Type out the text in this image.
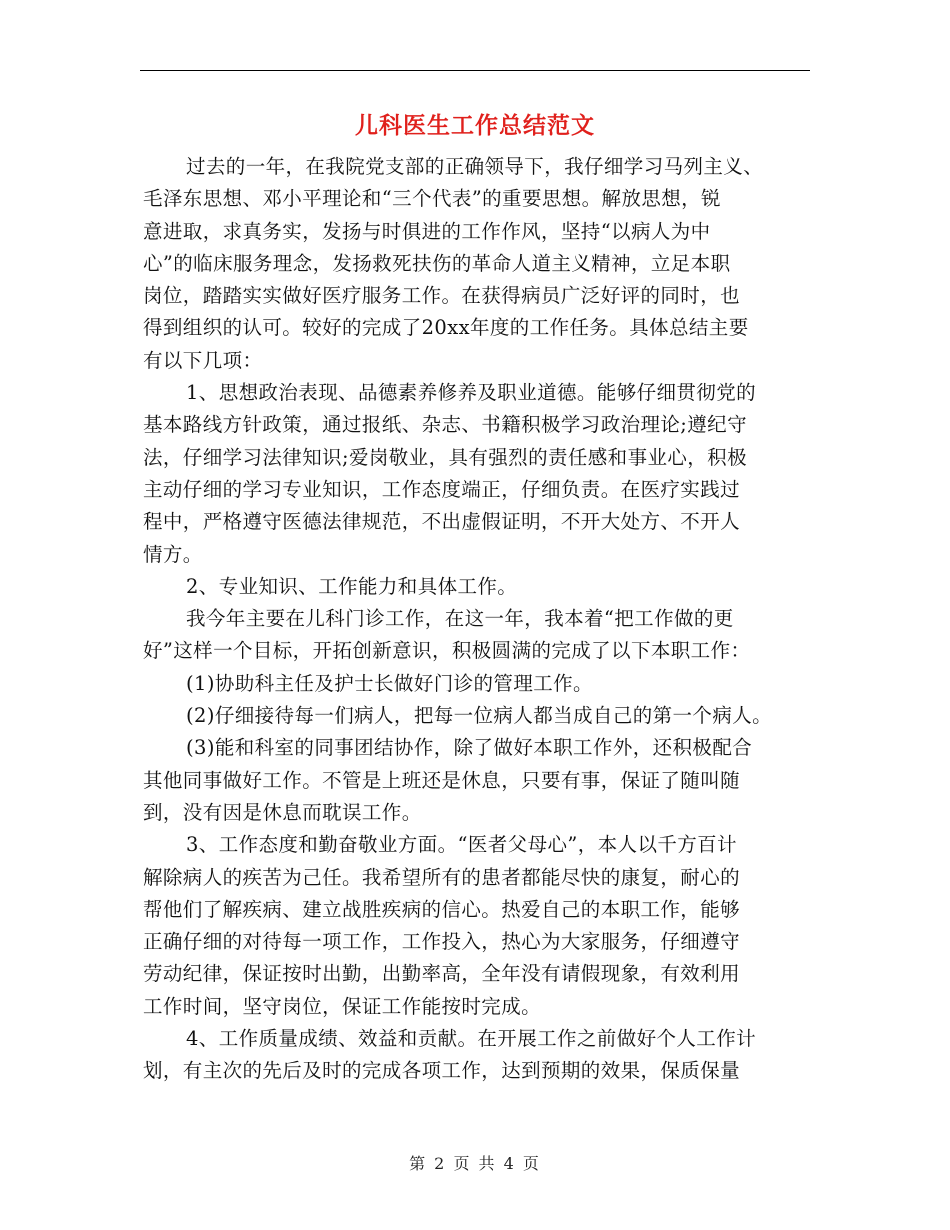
儿科医生工作总结范文
过去的一年，在我院党支部的正确领导下，我仔细学习马列主义、
毛泽东思想、邓小平理论和“三个代表”的重要思想。解放思想，锐
意进取，求真务实，发扬与时俱进的工作作风，坚持“以病人为中
心”的临床服务理念，发扬救死扶伤的革命人道主义精神，立足本职
岗位，踏踏实实做好医疗服务工作。在获得病员广泛好评的同时，也
得到组织的认可。较好的完成了20xx年度的工作任务。具体总结主要
有以下几项：
1、思想政治表现、品德素养修养及职业道德。能够仔细贯彻党的
基本路线方针政策，通过报纸、杂志、书籍积极学习政治理论;遵纪守
法，仔细学习法律知识;爱岗敬业，具有强烈的责任感和事业心，积极
主动仔细的学习专业知识，工作态度端正，仔细负责。在医疗实践过
程中，严格遵守医德法律规范，不出虚假证明，不开大处方、不开人
情方。
2、专业知识、工作能力和具体工作。
我今年主要在儿科门诊工作，在这一年，我本着“把工作做的更
好”这样一个目标，开拓创新意识，积极圆满的完成了以下本职工作：
(1)协助科主任及护士长做好门诊的管理工作。
(2)仔细接待每一们病人，把每一位病人都当成自己的第一个病人。
(3)能和科室的同事团结协作，除了做好本职工作外，还积极配合
其他同事做好工作。不管是上班还是休息，只要有事，保证了随叫随
到，没有因是休息而耽误工作。
3、工作态度和勤奋敬业方面。“医者父母心”，本人以千方百计
解除病人的疾苦为己任。我希望所有的患者都能尽快的康复，耐心的
帮他们了解疾病、建立战胜疾病的信心。热爱自己的本职工作，能够
正确仔细的对待每一项工作，工作投入，热心为大家服务，仔细遵守
劳动纪律，保证按时出勤，出勤率高，全年没有请假现象，有效利用
工作时间，坚守岗位，保证工作能按时完成。
4、工作质量成绩、效益和贡献。在开展工作之前做好个人工作计
划，有主次的先后及时的完成各项工作，达到预期的效果，保质保量
第 2 页 共 4 页
